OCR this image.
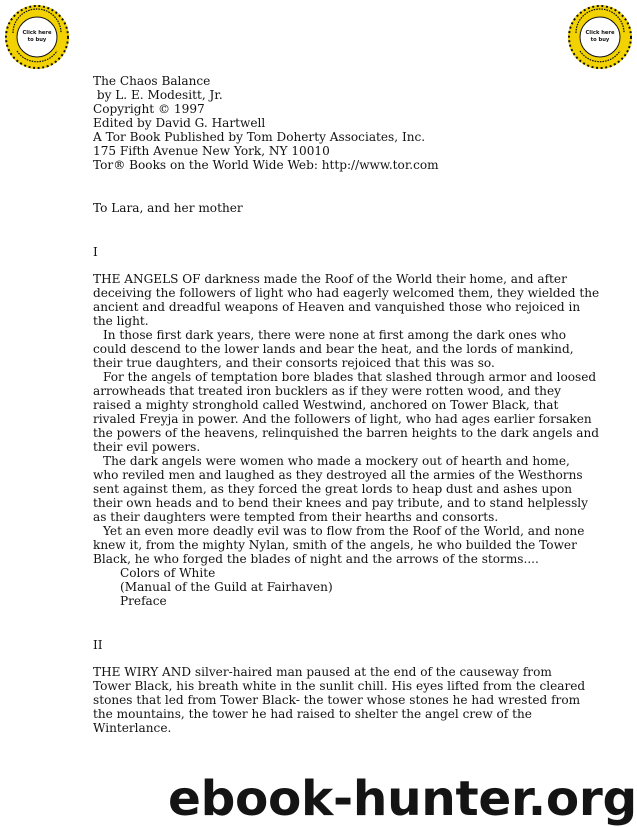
Click here
to buy
Click here
to buy
The Chaos Balance
by L. E. Modesitt, Jr.
Copyright © 1997
Edited by David G. Hartwell
A Tor Book Published by Tom Doherty Associates, Inc.
175 Fifth Avenue New York, NY 10010
Tor® Books on the World Wide Web: http://www.tor.com
To Lara, and her mother
I
THE ANGELS OF darkness made the Roof of the World their home, and after
deceiving the followers of light who had eagerly welcomed them, they wielded the
ancient and dreadful weapons of Heaven and vanquished those who rejoiced in
the light.
In those first dark years, there were none at first among the dark ones who
could descend to the lower lands and bear the heat, and the lords of mankind,
their true daughters, and their consorts rejoiced that this was so.
For the angels of temptation bore blades that slashed through armor and loosed
arrowheads that treated iron bucklers as if they were rotten wood, and they
raised a mighty stronghold called Westwind, anchored on Tower Black, that
rivaled Freyja in power. And the followers of light, who had ages earlier forsaken
the powers of the heavens, relinquished the barren heights to the dark angels and
their evil powers.
The dark angels were women who made a mockery out of hearth and home,
who reviled men and laughed as they destroyed all the armies of the Westhorns
sent against them, as they forced the great lords to heap dust and ashes upon
their own heads and to bend their knees and pay tribute, and to stand helplessly
as their daughters were tempted from their hearths and consorts.
Yet an even more deadly evil was to flow from the Roof of the World, and none
knew it, from the mighty Nylan, smith of the angels, he who builded the Tower
Black, he who forged the blades of night and the arrows of the storms....
Colors of White
(Manual of the Guild at Fairhaven)
Preface
II
THE WIRY AND silver-haired man paused at the end of the causeway from
Tower Black, his breath white in the sunlit chill. His eyes lifted from the cleared
stones that led from Tower Black- the tower whose stones he had wrested from
the mountains, the tower he had raised to shelter the angel crew of the
Winterlance.
ebook-hunter.org
